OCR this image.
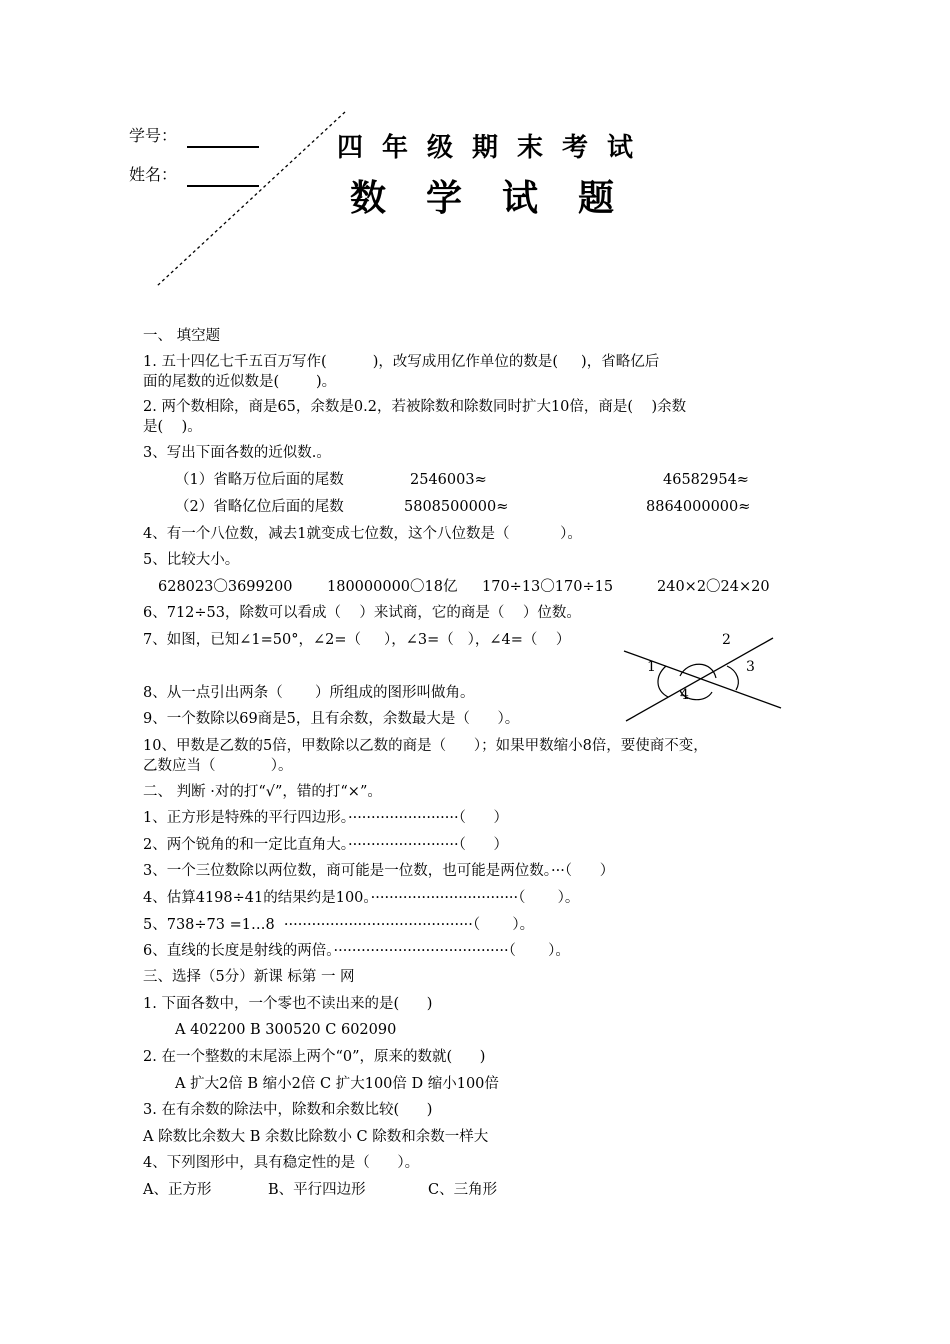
学号：
姓名：
四年级期末考试
数学试题
一、 填空题
1. 五十四亿七千五百万写作(          )，改写成用亿作单位的数是(     )，省略亿后
面的尾数的近似数是(        )。
2. 两个数相除，商是65，余数是0.2，若被除数和除数同时扩大10倍，商是(    )余数
是(    )。
3、写出下面各数的近似数.。
（1）省略万位后面的尾数	2546003≈	46582954≈
（2）省略亿位后面的尾数	5808500000≈	8864000000≈
4、有一个八位数，减去1就变成七位数，这个八位数是（           ）。
5、比较大小。
628023〇3699200 180000000〇18亿 170÷13〇170÷15	240×2〇24×20
6、712÷53，除数可以看成（    ）来试商，它的商是（    ）位数。
7、如图，已知∠1=50°，∠2=（     ），∠3=（   ），∠4=（    ）
1
2
3
4
8、从一点引出两条（       ）所组成的图形叫做角。
9、一个数除以69商是5，且有余数，余数最大是（      ）。
10、甲数是乙数的5倍，甲数除以乙数的商是（      ）；如果甲数缩小8倍，要使商不变，
乙数应当（            ）。
二、 判断 ·对的打“√”，错的打“×”。
1、正方形是特殊的平行四边形。························（      ）
2、两个锐角的和一定比直角大。························（      ）
3、一个三位数除以两位数，商可能是一位数，也可能是两位数。···（      ）
4、估算4198÷41的结果约是100。································（       ）。
5、738÷73 =1…8  ·········································（       ）。
6、直线的长度是射线的两倍。······································（       ）。
三、选择（5分）新课 标第 一 网
1. 下面各数中，一个零也不读出来的是(      )
A 402200 B 300520 C 602090
2. 在一个整数的末尾添上两个“0”，原来的数就(      )
A 扩大2倍 B 缩小2倍 C 扩大100倍 D 缩小100倍
3. 在有余数的除法中，除数和余数比较(      )
A 除数比余数大 B 余数比除数小 C 除数和余数一样大
4、下列图形中，具有稳定性的是（      ）。
A、正方形	B、平行四边形	C、三角形
